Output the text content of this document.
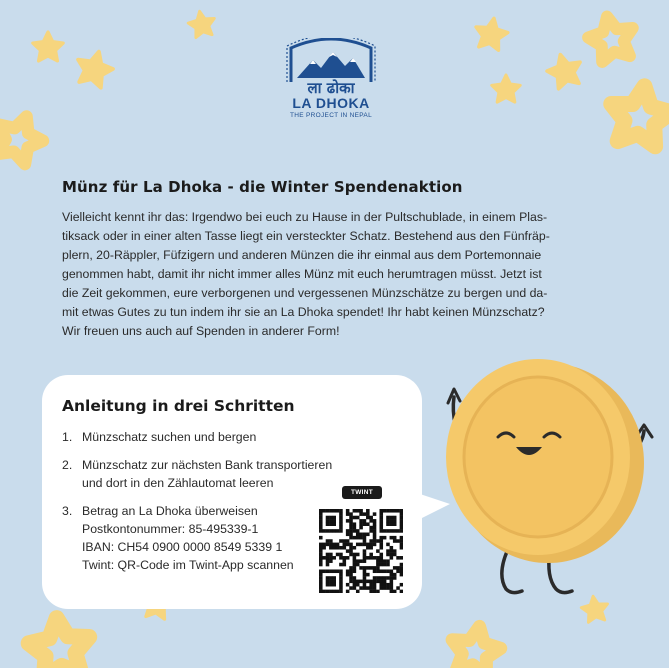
ला ढोका
LA DHOKA
THE PROJECT IN NEPAL
Münz für La Dhoka - die Winter Spendenaktion

Vielleicht kennt ihr das: Irgendwo bei euch zu Hause in der Pultschublade, in einem Plas-
tiksack oder in einer alten Tasse liegt ein versteckter Schatz. Bestehend aus den Fünfräp-
plern, 20-Räppler, Füfzigern und anderen Münzen die ihr einmal aus dem Portemonnaie
genommen habt, damit ihr nicht immer alles Münz mit euch herumtragen müsst. Jetzt ist
die Zeit gekommen, eure verborgenen und vergessenen Münzschätze zu bergen und da-
mit etwas Gutes zu tun indem ihr sie an La Dhoka spendet! Ihr habt keinen Münzschatz?
Wir freuen uns auch auf Spenden in anderer Form!

Anleitung in drei Schritten
1. Münzschatz suchen und bergen
2. Münzschatz zur nächsten Bank transportieren
und dort in den Zählautomat leeren
3. Betrag an La Dhoka überweisen
Postkontonummer: 85-495339-1
IBAN: CH54 0900 0000 8549 5339 1
Twint: QR-Code im Twint-App scannen
TWINT
